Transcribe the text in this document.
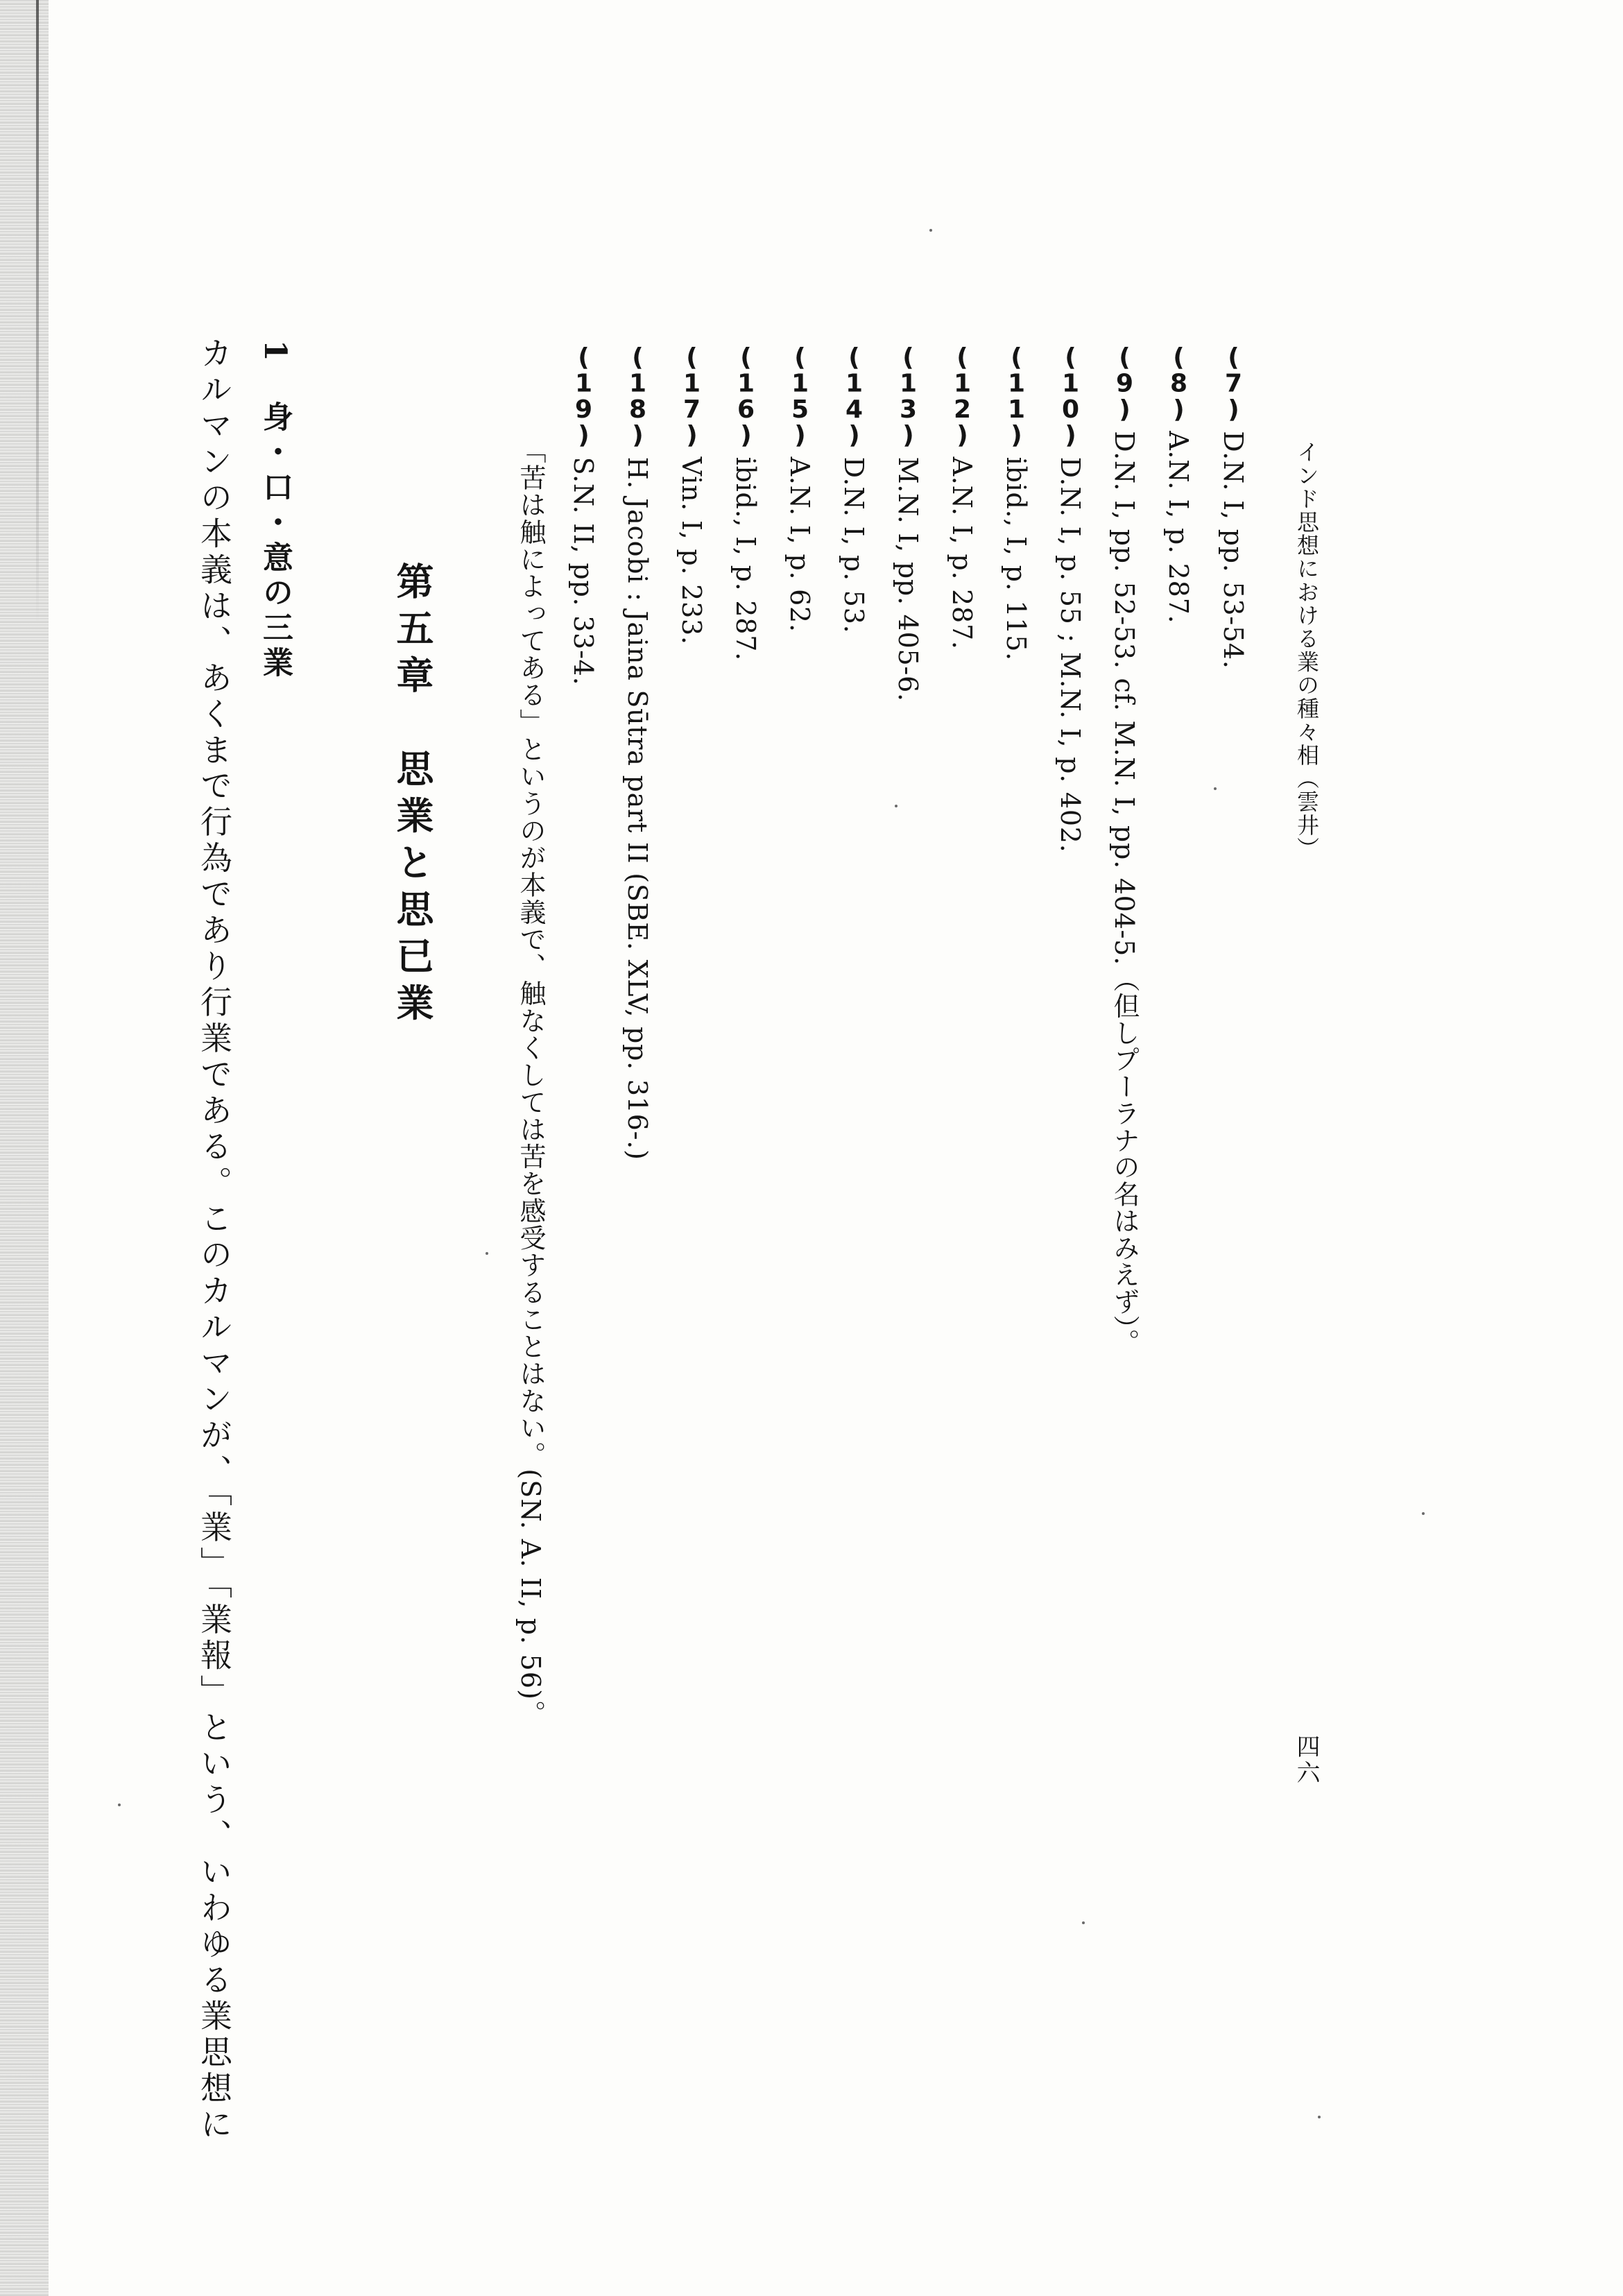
インド思想における業の種々相（雲井）
四六
(7)D.N. I, pp. 53-54.
(8)A.N. I, p. 287.
(9)D.N. I, pp. 52-53. cf. M.N. I, pp. 404-5.（但しプーラナの名はみえず）。
(10)D.N. I, p. 55 ; M.N. I, p. 402.
(11)ibid., I, p. 115.
(12)A.N. I, p. 287.
(13)M.N. I, pp. 405-6.
(14)D.N. I, p. 53.
(15)A.N. I, p. 62.
(16)ibid., I, p. 287.
(17)Vin. I, p. 233.
(18)H. Jacobi : Jaina Sūtra part II (SBE. XLV, pp. 316-.)
(19)S.N. II, pp. 33-4.
「苦は触によってある」というのが本義で、触なくしては苦を感受することはない。(SN. A. II, p. 56)。
第五章　思業と思已業
1　身・口・意の三業
カルマンの本義は、あくまで行為であり行業である。このカルマンが、「業」「業報」という、いわゆる業思想に
